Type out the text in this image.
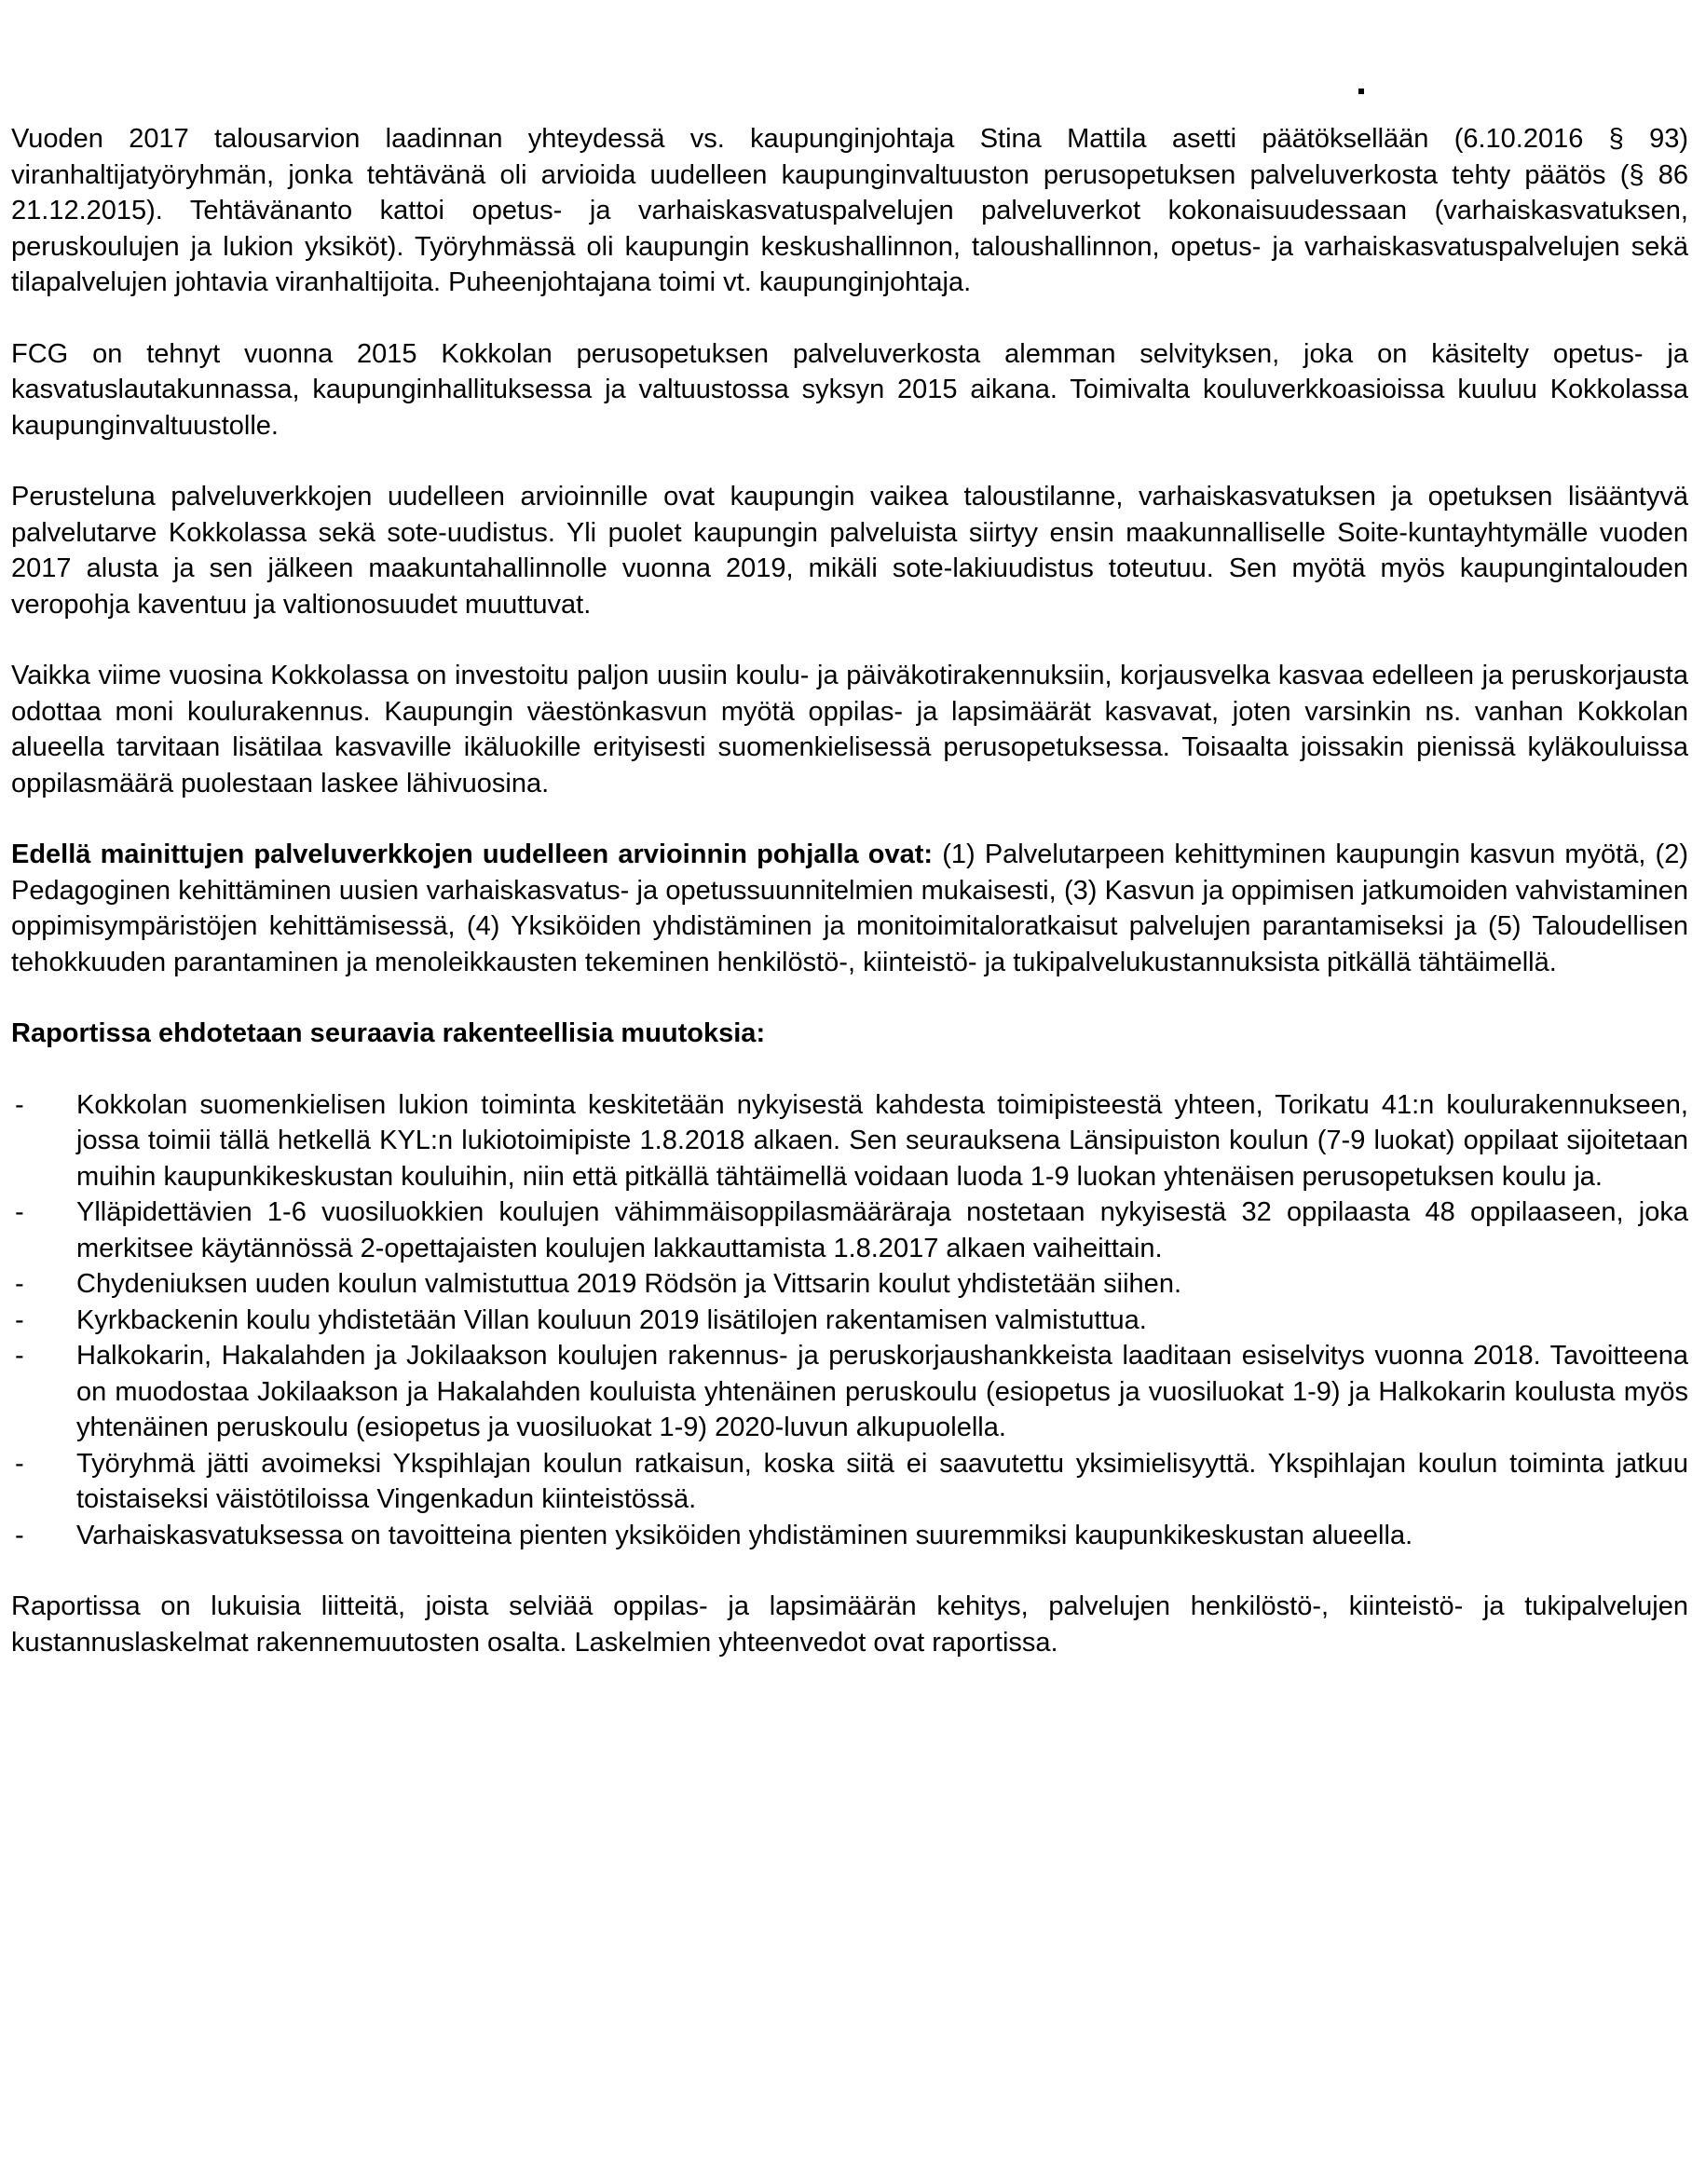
Vuoden 2017 talousarvion laadinnan yhteydessä vs. kaupunginjohtaja Stina Mattila asetti päätöksellään (6.10.2016 § 93) viranhaltijatyöryhmän, jonka tehtävänä oli arvioida uudelleen kaupunginvaltuuston perusopetuksen palveluverkosta tehty päätös (§ 86 21.12.2015). Tehtävänanto kattoi opetus- ja varhaiskasvatuspalvelujen palveluverkot kokonaisuudessaan (varhaiskasvatuksen, peruskoulujen ja lukion yksiköt). Työryhmässä oli kaupungin keskushallinnon, taloushallinnon, opetus- ja varhaiskasvatuspalvelujen sekä tilapalvelujen johtavia viranhaltijoita. Puheenjohtajana toimi vt. kaupunginjohtaja.

FCG on tehnyt vuonna 2015 Kokkolan perusopetuksen palveluverkosta alemman selvityksen, joka on käsitelty opetus- ja kasvatuslautakunnassa, kaupunginhallituksessa ja valtuustossa syksyn 2015 aikana. Toimivalta kouluverkkoasioissa kuuluu Kokkolassa kaupunginvaltuustolle.

Perusteluna palveluverkkojen uudelleen arvioinnille ovat kaupungin vaikea taloustilanne, varhaiskasvatuksen ja opetuksen lisääntyvä palvelutarve Kokkolassa sekä sote-uudistus. Yli puolet kaupungin palveluista siirtyy ensin maakunnalliselle Soite-kuntayhtymälle vuoden 2017 alusta ja sen jälkeen maakuntahallinnolle vuonna 2019, mikäli sote-lakiuudistus toteutuu. Sen myötä myös kaupungintalouden veropohja kaventuu ja valtionosuudet muuttuvat.

Vaikka viime vuosina Kokkolassa on investoitu paljon uusiin koulu- ja päiväkotirakennuksiin, korjausvelka kasvaa edelleen ja peruskorjausta odottaa moni koulurakennus. Kaupungin väestönkasvun myötä oppilas- ja lapsimäärät kasvavat, joten varsinkin ns. vanhan Kokkolan alueella tarvitaan lisätilaa kasvaville ikäluokille erityisesti suomenkielisessä perusopetuksessa. Toisaalta joissakin pienissä kyläkouluissa oppilasmäärä puolestaan laskee lähivuosina.

Edellä mainittujen palveluverkkojen uudelleen arvioinnin pohjalla ovat: (1) Palvelutarpeen kehittyminen kaupungin kasvun myötä, (2) Pedagoginen kehittäminen uusien varhaiskasvatus- ja opetussuunnitelmien mukaisesti, (3) Kasvun ja oppimisen jatkumoiden vahvistaminen oppimisympäristöjen kehittämisessä, (4) Yksiköiden yhdistäminen ja monitoimitaloratkaisut palvelujen parantamiseksi ja (5) Taloudellisen tehokkuuden parantaminen ja menoleikkausten tekeminen henkilöstö-, kiinteistö- ja tukipalvelukustannuksista pitkällä tähtäimellä.

Raportissa ehdotetaan seuraavia rakenteellisia muutoksia:

- Kokkolan suomenkielisen lukion toiminta keskitetään nykyisestä kahdesta toimipisteestä yhteen, Torikatu 41:n koulurakennukseen, jossa toimii tällä hetkellä KYL:n lukiotoimipiste 1.8.2018 alkaen. Sen seurauksena Länsipuiston koulun (7-9 luokat) oppilaat sijoitetaan muihin kaupunkikeskustan kouluihin, niin että pitkällä tähtäimellä voidaan luoda 1-9 luokan yhtenäisen perusopetuksen koulu ja.
- Ylläpidettävien 1-6 vuosiluokkien koulujen vähimmäisoppilasmääräraja nostetaan nykyisestä 32 oppilaasta 48 oppilaaseen, joka merkitsee käytännössä 2-opettajaisten koulujen lakkauttamista 1.8.2017 alkaen vaiheittain.
- Chydeniuksen uuden koulun valmistuttua 2019 Rödsön ja Vittsarin koulut yhdistetään siihen.
- Kyrkbackenin koulu yhdistetään Villan kouluun 2019 lisätilojen rakentamisen valmistuttua.
- Halkokarin, Hakalahden ja Jokilaakson koulujen rakennus- ja peruskorjaushankkeista laaditaan esiselvitys vuonna 2018. Tavoitteena on muodostaa Jokilaakson ja Hakalahden kouluista yhtenäinen peruskoulu (esiopetus ja vuosiluokat 1-9) ja Halkokarin koulusta myös yhtenäinen peruskoulu (esiopetus ja vuosiluokat 1-9) 2020-luvun alkupuolella.
- Työryhmä jätti avoimeksi Ykspihlajan koulun ratkaisun, koska siitä ei saavutettu yksimielisyyttä. Ykspihlajan koulun toiminta jatkuu toistaiseksi väistötiloissa Vingenkadun kiinteistössä.
- Varhaiskasvatuksessa on tavoitteina pienten yksiköiden yhdistäminen suuremmiksi kaupunkikeskustan alueella.

Raportissa on lukuisia liitteitä, joista selviää oppilas- ja lapsimäärän kehitys, palvelujen henkilöstö-, kiinteistö- ja tukipalvelujen kustannuslaskelmat rakennemuutosten osalta. Laskelmien yhteenvedot ovat raportissa.
